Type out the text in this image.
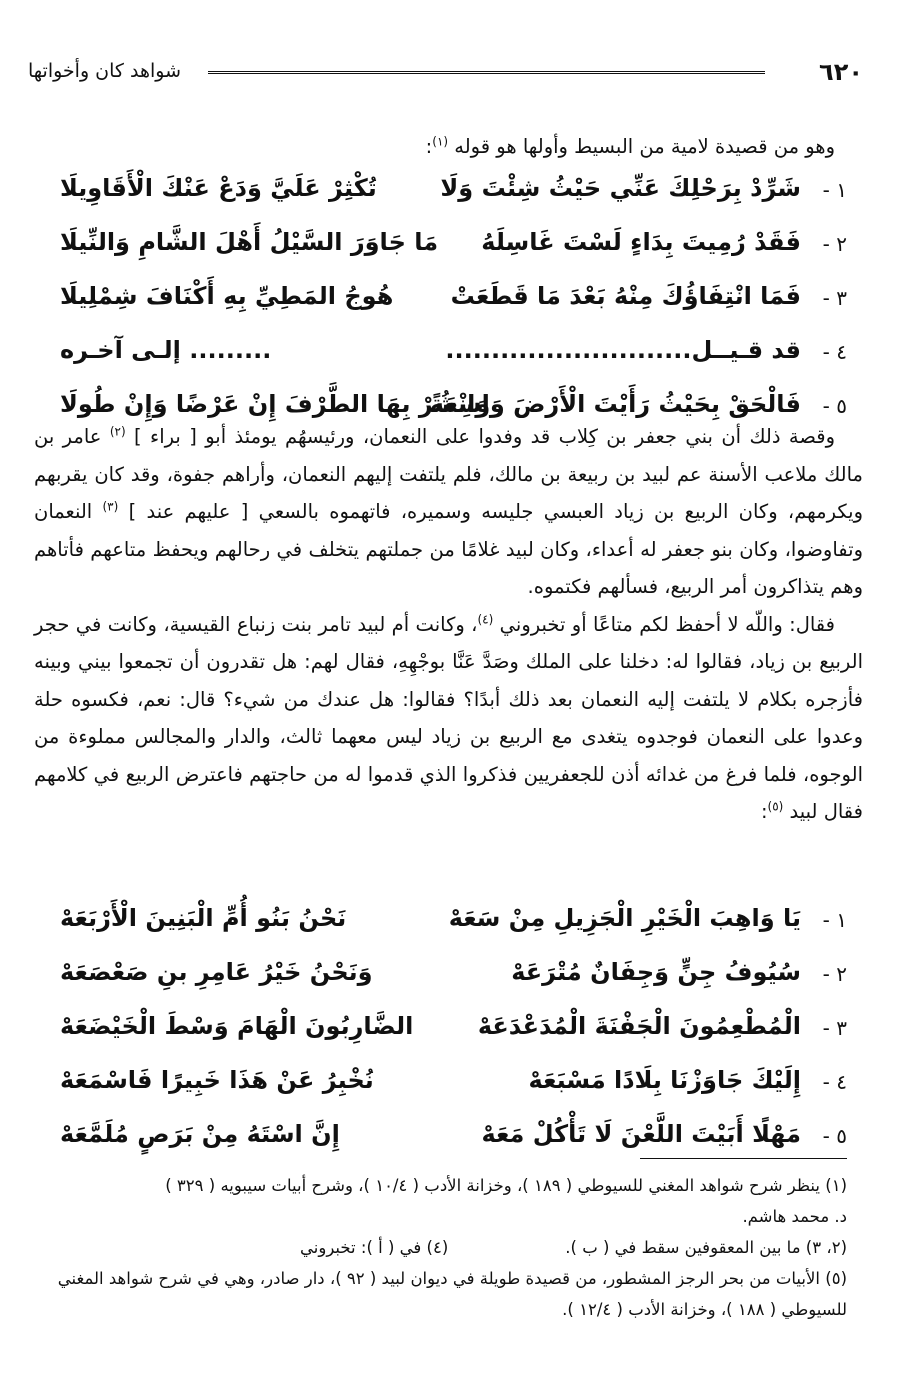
٦٢٠
شواهد كان وأخواتها

وهو من قصيدة لامية من البسيط وأولها هو قوله $^{(١)}$:

١ -
شَرِّدْ بِرَحْلِكَ عَنِّي حَيْثُ شِئْتَ وَلَا
تُكْثِرْ عَلَيَّ وَدَعْ عَنْكَ الْأَقَاوِيلَا
٢ -
فَقَدْ رُمِيتَ بِدَاءٍ لَسْتَ غَاسِلَهُ
مَا جَاوَرَ السَّيْلُ أَهْلَ الشَّامِ وَالنِّيلَا
٣ -
فَمَا انْتِفَاؤُكَ مِنْهُ بَعْدَ مَا قَطَعَتْ
هُوجُ المَطِيِّ بِهِ أَكْنَافَ شِمْلِيلَا
٤ -
قد قـيــل...........................
......... إلـى آخـره
٥ -
فَالْحَقْ بِحَيْثُ رَأَيْتَ الْأَرْضَ وَاسِعَةً
وَانْشُرْ بِهَا الطَّرْفَ إِنْ عَرْضًا وَإِنْ طُولَا

وقصة ذلك أن بني جعفر بن كِلاب قد وفدوا على النعمان، ورئيسهُم يومئذ أبو [ براء ] $^{(٢)}$ عامر بن مالك ملاعب الأسنة عم لبيد بن ربيعة بن مالك، فلم يلتفت إليهم النعمان، وأراهم جفوة، وقد كان يقربهم ويكرمهم، وكان الربيع بن زياد العبسي جليسه وسميره، فاتهموه بالسعي [ عليهم عند ] $^{(٣)}$ النعمان وتفاوضوا، وكان بنو جعفر له أعداء، وكان لبيد غلامًا من جملتهم يتخلف في رحالهم ويحفظ متاعهم فأتاهم وهم يتذاكرون أمر الربيع، فسألهم فكتموه.

فقال: واللّه لا أحفظ لكم متاعًا أو تخبروني $^{(٤)}$، وكانت أم لبيد تامر بنت زنباع القيسية، وكانت في حجر الربيع بن زياد، فقالوا له: دخلنا على الملك وصَدَّ عَنَّا بوجْهِهِ، فقال لهم: هل تقدرون أن تجمعوا بيني وبينه فأزجره بكلام لا يلتفت إليه النعمان بعد ذلك أبدًا؟ فقالوا: هل عندك من شيء؟ قال: نعم، فكسوه حلة وعدوا على النعمان فوجدوه يتغدى مع الربيع بن زياد ليس معهما ثالث، والدار والمجالس مملوءة من الوجوه، فلما فرغ من غدائه أذن للجعفريين فذكروا الذي قدموا له من حاجتهم فاعترض الربيع في كلامهم فقال لبيد $^{(٥)}$:

١ -
يَا وَاهِبَ الْخَيْرِ الْجَزِيلِ مِنْ سَعَهْ
نَحْنُ بَنُو أُمِّ الْبَنِينَ الْأَرْبَعَهْ
٢ -
سُيُوفُ جِنٍّ وَجِفَانٌ مُتْرَعَهْ
وَنَحْنُ خَيْرُ عَامِرِ بنِ صَعْصَعَهْ
٣ -
الْمُطْعِمُونَ الْجَفْنَةَ الْمُدَعْدَعَهْ
الضَّارِبُونَ الْهَامَ وَسْطَ الْخَيْضَعَهْ
٤ -
إِلَيْكَ جَاوَزْنَا بِلَادًا مَسْبَعَهْ
نُخْبِرُ عَنْ هَذَا خَبِيرًا فَاسْمَعَهْ
٥ -
مَهْلًا أَبَيْتَ اللَّعْنَ لَا تَأْكُلْ مَعَهْ
إِنَّ اسْتَهُ مِنْ بَرَصٍ مُلَمَّعَهْ

(١) ينظر شرح شواهد المغني للسيوطي ( ١٨٩ )، وخزانة الأدب ( ١٠/٤ )، وشرح أبيات سيبويه ( ٣٢٩ )

د. محمد هاشم.

(٢، ٣) ما بين المعقوفين سقط في ( ب ).
(٤) في ( أ ): تخبروني

(٥) الأبيات من بحر الرجز المشطور، من قصيدة طويلة في ديوان لبيد ( ٩٢ )، دار صادر، وهي في شرح شواهد المغني

للسيوطي ( ١٨٨ )، وخزانة الأدب ( ١٢/٤ ).
